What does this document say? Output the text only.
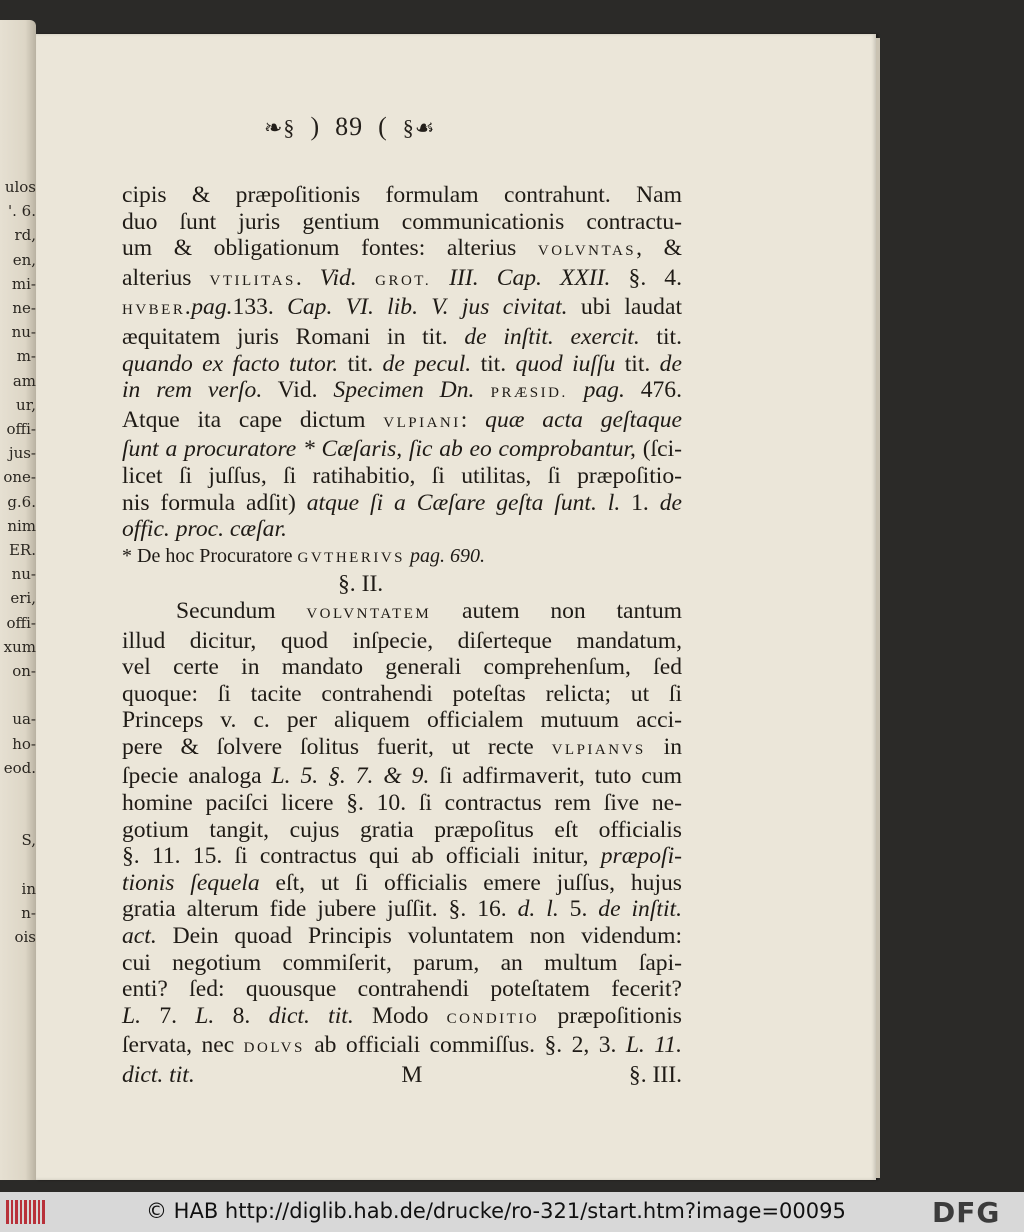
ulos
'. 6.
rd,
en,
mi-
ne-
nu-
m-
am
ur,
offi-
jus-
one-
g.6.
nim
ER.
nu-
eri,
offi-
xum
on-
ua-
ho-
eod.
S,
in
n-
ois
❧§ ) 89 ( §☙
cipis & præpoſitionis formulam contrahunt. Nam
duo ſunt juris gentium communicationis contractu-
um & obligationum fontes: alterius VOLVNTAS, &
alterius VTILITAS. Vid. GROT. III. Cap. XXII. §. 4.
HVBER.pag.133. Cap. VI. lib. V. jus civitat. ubi laudat
æquitatem juris Romani in tit. de inſtit. exercit. tit.
quando ex facto tutor. tit. de pecul. tit. quod iuſſu tit. de
in rem verſo. Vid. Specimen Dn. PRÆSID. pag. 476.
Atque ita cape dictum VLPIANI: quæ acta geſtaque
ſunt a procuratore * Cæſaris, ſic ab eo comprobantur, (ſci-
licet ſi juſſus, ſi ratihabitio, ſi utilitas, ſi præpoſitio-
nis formula adſit) atque ſi a Cæſare geſta ſunt. l. 1. de
offic. proc. cæſar.
* De hoc Procuratore GVTHERIVS pag. 690.
§. II.
Secundum VOLVNTATEM autem non tantum
illud dicitur, quod inſpecie, diſerteque mandatum,
vel certe in mandato generali comprehenſum, ſed
quoque: ſi tacite contrahendi poteſtas relicta; ut ſi
Princeps v. c. per aliquem officialem mutuum acci-
pere & ſolvere ſolitus fuerit, ut recte VLPIANVS in
ſpecie analoga L. 5. §. 7. & 9. ſi adfirmaverit, tuto cum
homine paciſci licere §. 10. ſi contractus rem ſive ne-
gotium tangit, cujus gratia præpoſitus eſt officialis
§. 11. 15. ſi contractus qui ab officiali initur, præpoſi-
tionis ſequela eſt, ut ſi officialis emere juſſus, hujus
gratia alterum fide jubere juſſit. §. 16. d. l. 5. de inſtit.
act. Dein quoad Principis voluntatem non videndum:
cui negotium commiſerit, parum, an multum ſapi-
enti? ſed: quousque contrahendi poteſtatem fecerit?
L. 7. L. 8. dict. tit. Modo CONDITIO præpoſitionis
ſervata, nec DOLVS ab officiali commiſſus. §. 2, 3. L. 11.
dict. tit.	M	§. III.
© HAB http://diglib.hab.de/drucke/ro-321/start.htm?image=00095	DFG
